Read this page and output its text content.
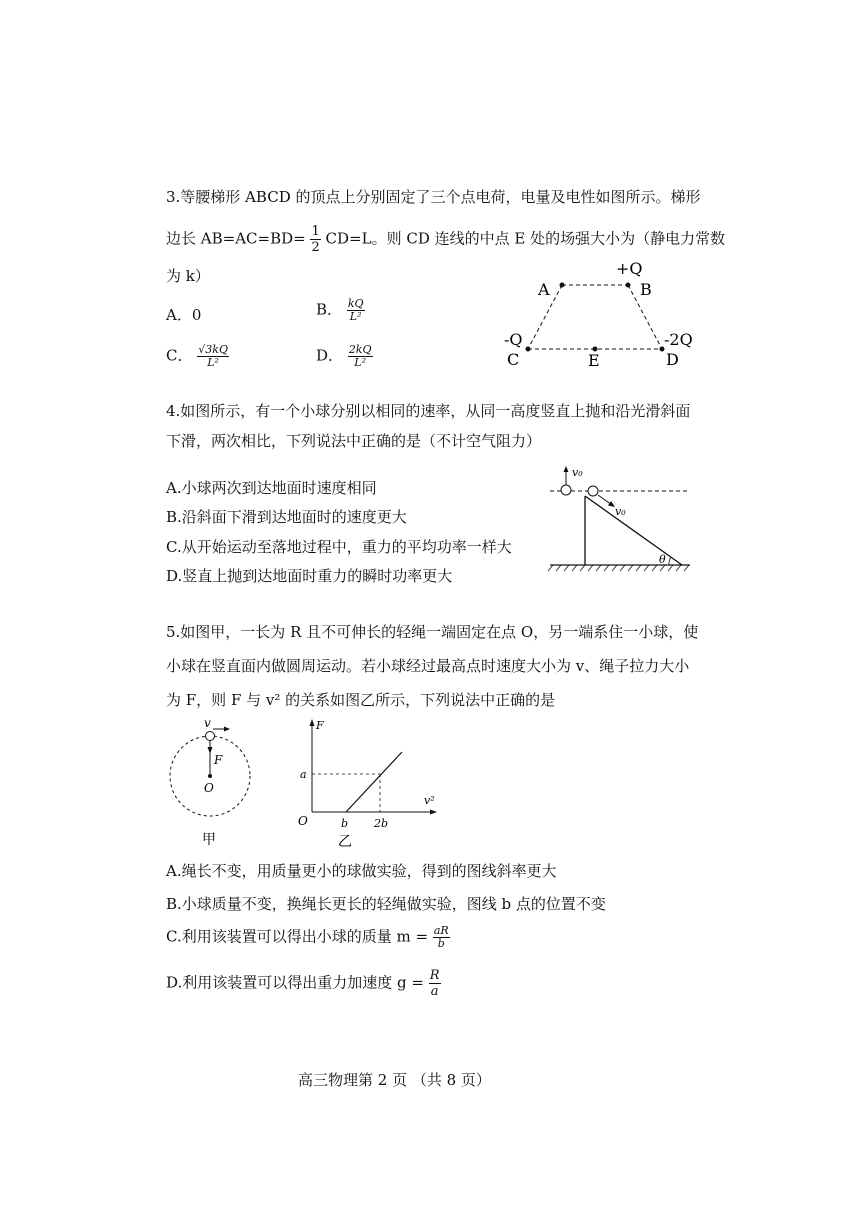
3.等腰梯形 ABCD 的顶点上分别固定了三个点电荷，电量及电性如图所示。梯形
边长 $AB=AC=BD= \frac{1}{2} CD=L$。则 CD 连线的中点 E 处的场强大小为（静电力常数
为 k）
A．0	B． $\frac{kQ}{\text{L²}}$
C． $\frac{√3kQ}{\text{L²}}$	D． $\frac{2kQ}{\text{L²}}$
A	B
+Q
-Q
C	E
-2Q
D
4.如图所示，有一个小球分别以相同的速率，从同一高度竖直上抛和沿光滑斜面
下滑，两次相比，下列说法中正确的是（不计空气阻力）
A.小球两次到达地面时速度相同
B.沿斜面下滑到达地面时的速度更大
C.从开始运动至落地过程中，重力的平均功率一样大
D.竖直上抛到达地面时重力的瞬时功率更大
v₀
v₀
θ
5.如图甲，一长为 R 且不可伸长的轻绳一端固定在点 O，另一端系住一小球，使
小球在竖直面内做圆周运动。若小球经过最高点时速度大小为 v、绳子拉力大小
为 F，则 F 与 v² 的关系如图乙所示，下列说法中正确的是
v
F
O
甲
F
v²
a
O	b 2b
乙
A.绳长不变，用质量更小的球做实验，得到的图线斜率更大
B.小球质量不变，换绳长更长的轻绳做实验，图线 b 点的位置不变
C.利用该装置可以得出小球的质量 $m = \frac{aR}{b}$
D.利用该装置可以得出重力加速度 $g = \frac{R}{a}$
高三物理第 2 页 （共 8 页）
